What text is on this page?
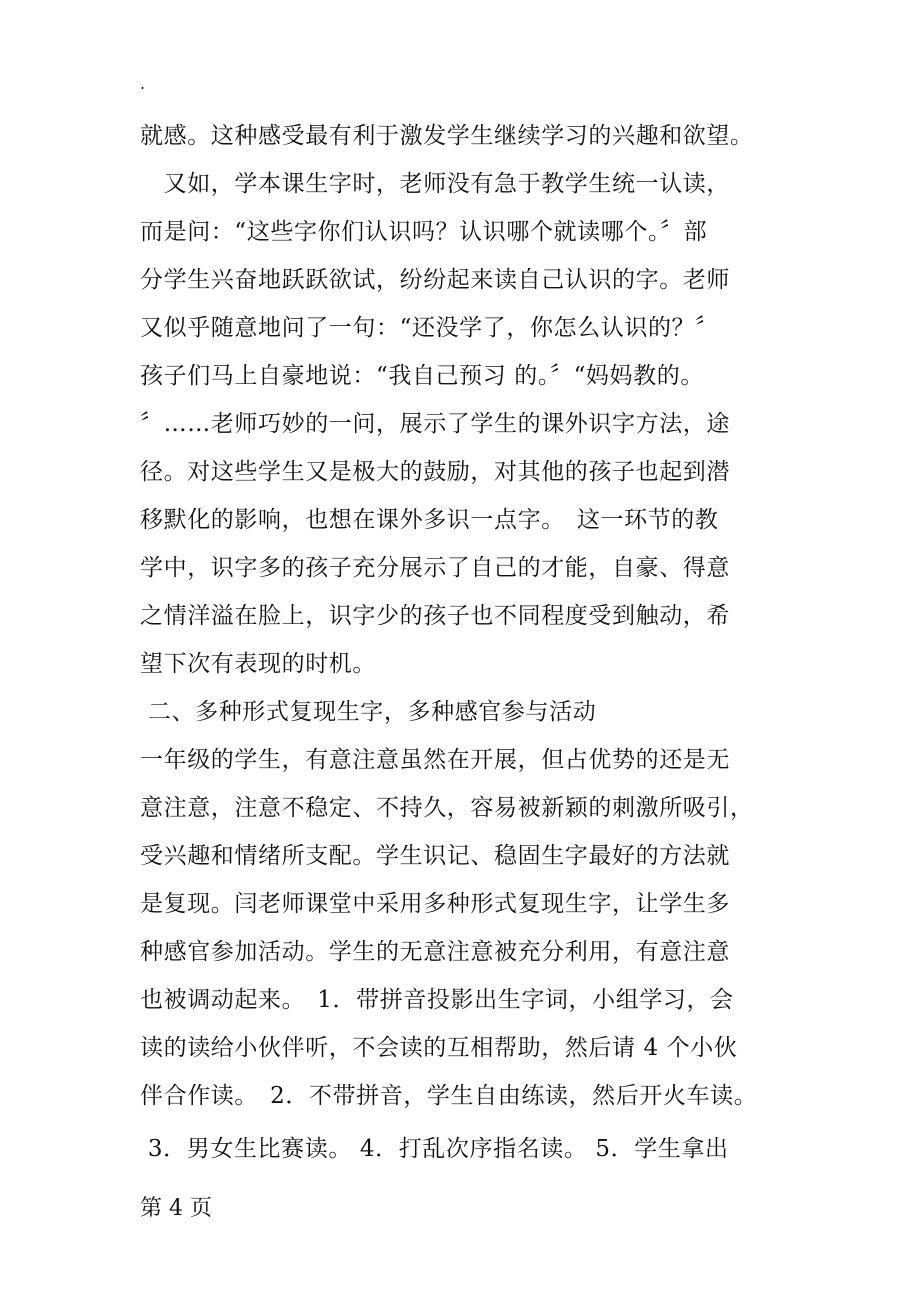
.
就感。这种感受最有利于激发学生继续学习的兴趣和欲望。
　又如，学本课生字时，老师没有急于教学生统一认读，
而是问：“这些字你们认识吗？认识哪个就读哪个。〞部
分学生兴奋地跃跃欲试，纷纷起来读自己认识的字。老师
又似乎随意地问了一句：“还没学了，你怎么认识的？〞
孩子们马上自豪地说：“我自己预习 的。〞“妈妈教的。
〞……老师巧妙的一问，展示了学生的课外识字方法，途
径。对这些学生又是极大的鼓励，对其他的孩子也起到潜
移默化的影响，也想在课外多识一点字。　这一环节的教
学中，识字多的孩子充分展示了自己的才能，自豪、得意
之情洋溢在脸上，识字少的孩子也不同程度受到触动，希
望下次有表现的时机。
二、多种形式复现生字，多种感官参与活动
一年级的学生，有意注意虽然在开展，但占优势的还是无
意注意，注意不稳定、不持久，容易被新颖的刺激所吸引，
受兴趣和情绪所支配。学生识记、稳固生字最好的方法就
是复现。闫老师课堂中采用多种形式复现生字，让学生多
种感官参加活动。学生的无意注意被充分利用，有意注意
也被调动起来。　1．带拼音投影出生字词，小组学习，会
读的读给小伙伴听，不会读的互相帮助，然后请 4 个小伙
伴合作读。　2．不带拼音，学生自由练读，然后开火车读。
3．男女生比赛读。 4．打乱次序指名读。 5．学生拿出
第 4 页
